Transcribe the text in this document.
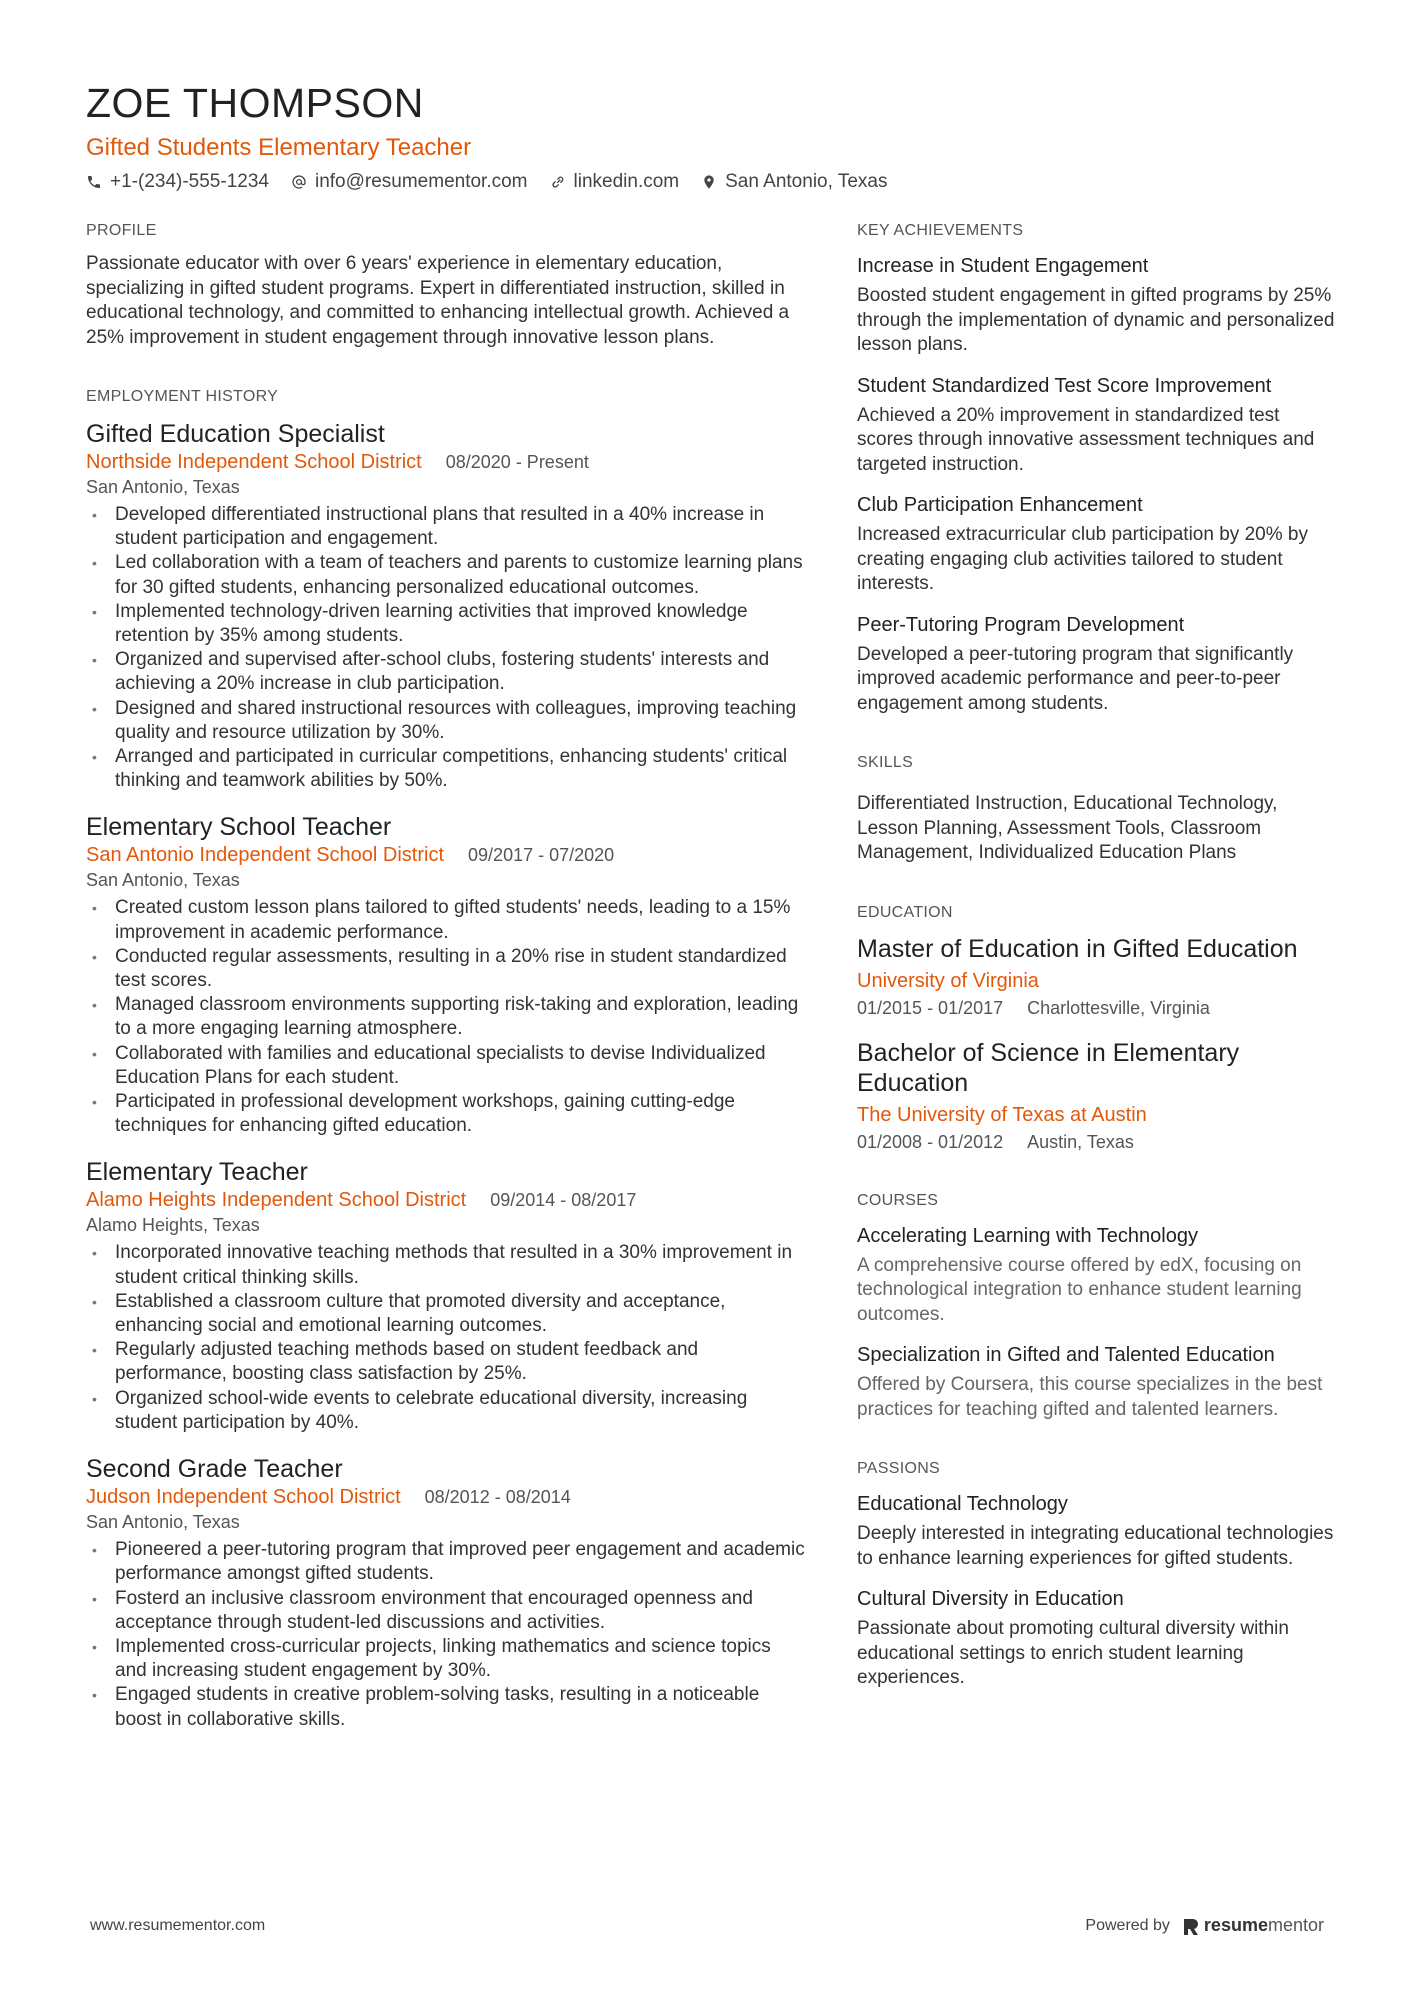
ZOE THOMPSON
Gifted Students Elementary Teacher
+1-(234)-555-1234 info@resumementor.com linkedin.com San Antonio, Texas
PROFILE

Passionate educator with over 6 years' experience in elementary education, specializing in gifted student programs. Expert in differentiated instruction, skilled in educational technology, and committed to enhancing intellectual growth. Achieved a 25% improvement in student engagement through innovative lesson plans.

EMPLOYMENT HISTORY
Gifted Education Specialist
Northside Independent School District 08/2020 - Present
San Antonio, Texas
• Developed differentiated instructional plans that resulted in a 40% increase in student participation and engagement.
• Led collaboration with a team of teachers and parents to customize learning plans for 30 gifted students, enhancing personalized educational outcomes.
• Implemented technology-driven learning activities that improved knowledge retention by 35% among students.
• Organized and supervised after-school clubs, fostering students' interests and achieving a 20% increase in club participation.
• Designed and shared instructional resources with colleagues, improving teaching quality and resource utilization by 30%.
• Arranged and participated in curricular competitions, enhancing students' critical thinking and teamwork abilities by 50%.
Elementary School Teacher
San Antonio Independent School District 09/2017 - 07/2020
San Antonio, Texas
• Created custom lesson plans tailored to gifted students' needs, leading to a 15% improvement in academic performance.
• Conducted regular assessments, resulting in a 20% rise in student standardized test scores.
• Managed classroom environments supporting risk-taking and exploration, leading to a more engaging learning atmosphere.
• Collaborated with families and educational specialists to devise Individualized Education Plans for each student.
• Participated in professional development workshops, gaining cutting-edge techniques for enhancing gifted education.
Elementary Teacher
Alamo Heights Independent School District 09/2014 - 08/2017
Alamo Heights, Texas
• Incorporated innovative teaching methods that resulted in a 30% improvement in student critical thinking skills.
• Established a classroom culture that promoted diversity and acceptance, enhancing social and emotional learning outcomes.
• Regularly adjusted teaching methods based on student feedback and performance, boosting class satisfaction by 25%.
• Organized school-wide events to celebrate educational diversity, increasing student participation by 40%.
Second Grade Teacher
Judson Independent School District 08/2012 - 08/2014
San Antonio, Texas
• Pioneered a peer-tutoring program that improved peer engagement and academic performance amongst gifted students.
• Fosterd an inclusive classroom environment that encouraged openness and acceptance through student-led discussions and activities.
• Implemented cross-curricular projects, linking mathematics and science topics and increasing student engagement by 30%.
• Engaged students in creative problem-solving tasks, resulting in a noticeable boost in collaborative skills.
KEY ACHIEVEMENTS
Increase in Student Engagement
Boosted student engagement in gifted programs by 25% through the implementation of dynamic and personalized lesson plans.
Student Standardized Test Score Improvement
Achieved a 20% improvement in standardized test scores through innovative assessment techniques and targeted instruction.
Club Participation Enhancement
Increased extracurricular club participation by 20% by creating engaging club activities tailored to student interests.
Peer-Tutoring Program Development
Developed a peer-tutoring program that significantly improved academic performance and peer-to-peer engagement among students.
SKILLS

Differentiated Instruction, Educational Technology, Lesson Planning, Assessment Tools, Classroom Management, Individualized Education Plans

EDUCATION
Master of Education in Gifted Education
University of Virginia
01/2015 - 01/2017 Charlottesville, Virginia
Bachelor of Science in Elementary Education
The University of Texas at Austin
01/2008 - 01/2012 Austin, Texas
COURSES
Accelerating Learning with Technology
A comprehensive course offered by edX, focusing on technological integration to enhance student learning outcomes.
Specialization in Gifted and Talented Education
Offered by Coursera, this course specializes in the best practices for teaching gifted and talented learners.
PASSIONS
Educational Technology
Deeply interested in integrating educational technologies to enhance learning experiences for gifted students.
Cultural Diversity in Education
Passionate about promoting cultural diversity within educational settings to enrich student learning experiences.
www.resumementor.com	Powered by resume mentor
